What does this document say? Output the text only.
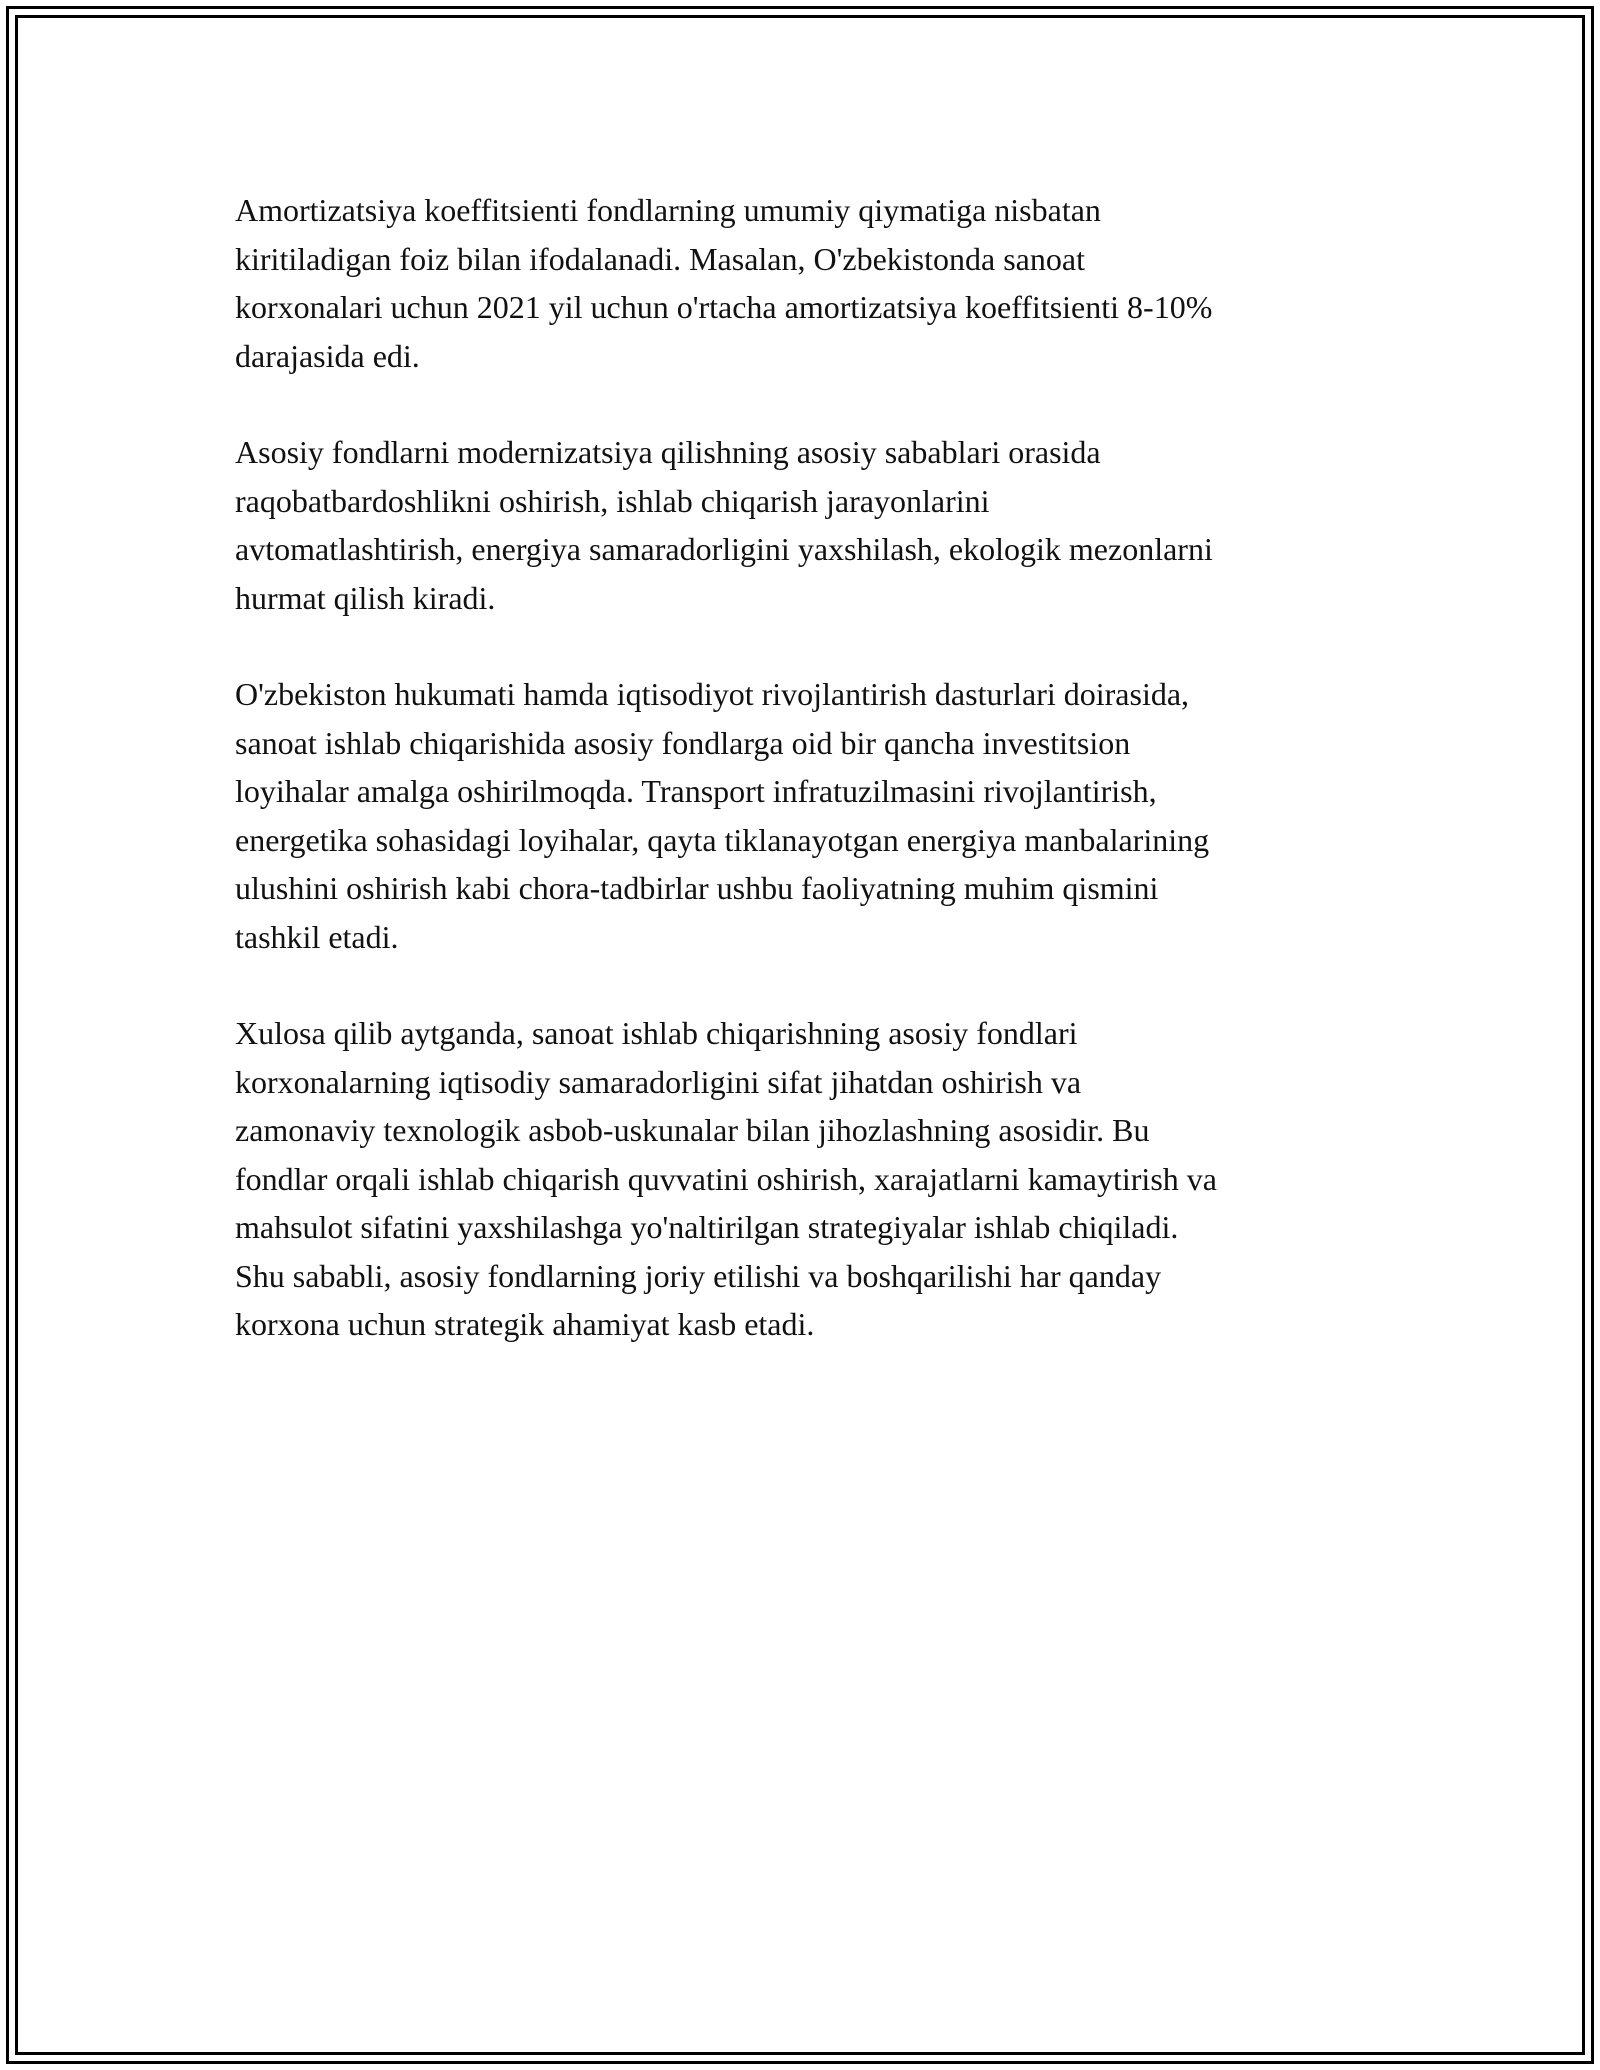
Amortizatsiya koeffitsienti fondlarning umumiy qiymatiga nisbatan
kiritiladigan foiz bilan ifodalanadi. Masalan, O'zbekistonda sanoat
korxonalari uchun 2021 yil uchun o'rtacha amortizatsiya koeffitsienti 8-10%
darajasida edi.

Asosiy fondlarni modernizatsiya qilishning asosiy sabablari orasida
raqobatbardoshlikni oshirish, ishlab chiqarish jarayonlarini
avtomatlashtirish, energiya samaradorligini yaxshilash, ekologik mezonlarni
hurmat qilish kiradi.

O'zbekiston hukumati hamda iqtisodiyot rivojlantirish dasturlari doirasida,
sanoat ishlab chiqarishida asosiy fondlarga oid bir qancha investitsion
loyihalar amalga oshirilmoqda. Transport infratuzilmasini rivojlantirish,
energetika sohasidagi loyihalar, qayta tiklanayotgan energiya manbalarining
ulushini oshirish kabi chora-tadbirlar ushbu faoliyatning muhim qismini
tashkil etadi.

Xulosa qilib aytganda, sanoat ishlab chiqarishning asosiy fondlari
korxonalarning iqtisodiy samaradorligini sifat jihatdan oshirish va
zamonaviy texnologik asbob-uskunalar bilan jihozlashning asosidir. Bu
fondlar orqali ishlab chiqarish quvvatini oshirish, xarajatlarni kamaytirish va
mahsulot sifatini yaxshilashga yo'naltirilgan strategiyalar ishlab chiqiladi.
Shu sababli, asosiy fondlarning joriy etilishi va boshqarilishi har qanday
korxona uchun strategik ahamiyat kasb etadi.
